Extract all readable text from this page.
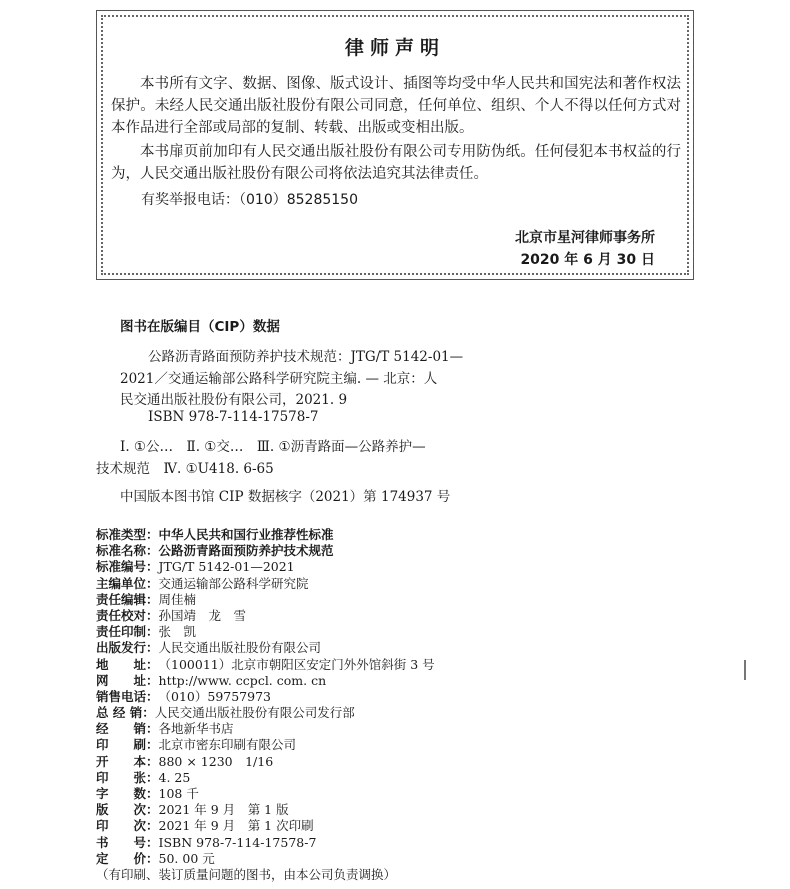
律师声明
本书所有文字、数据、图像、版式设计、插图等均受中华人民共和国宪法和著作权法保护。未经人民交通出版社股份有限公司同意，任何单位、组织、个人不得以任何方式对本作品进行全部或局部的复制、转载、出版或变相出版。
本书扉页前加印有人民交通出版社股份有限公司专用防伪纸。任何侵犯本书权益的行为，人民交通出版社股份有限公司将依法追究其法律责任。
有奖举报电话：（010）85285150
北京市星河律师事务所
2020 年 6 月 30 日
图书在版编目（CIP）数据
公路沥青路面预防养护技术规范：JTG/T 5142-01—
2021／交通运输部公路科学研究院主编. — 北京：人
民交通出版社股份有限公司，2021. 9
ISBN 978-7-114-17578-7
Ⅰ. ①公…　Ⅱ. ①交…　Ⅲ. ①沥青路面—公路养护—
技术规范　Ⅳ. ①U418. 6-65
中国版本图书馆 CIP 数据核字（2021）第 174937 号
标准类型：中华人民共和国行业推荐性标准
标准名称：公路沥青路面预防养护技术规范
标准编号：JTG/T 5142-01—2021
主编单位：交通运输部公路科学研究院
责任编辑：周佳楠
责任校对：孙国靖　龙　雪
责任印制：张　凯
出版发行：人民交通出版社股份有限公司
地　　址：（100011）北京市朝阳区安定门外外馆斜街 3 号
网　　址：http://www. ccpcl. com. cn
销售电话：（010）59757973
总 经 销：人民交通出版社股份有限公司发行部
经　　销：各地新华书店
印　　刷：北京市密东印刷有限公司
开　　本：880 × 1230　1/16
印　　张：4. 25
字　　数：108 千
版　　次：2021 年 9 月　第 1 版
印　　次：2021 年 9 月　第 1 次印刷
书　　号：ISBN 978-7-114-17578-7
定　　价：50. 00 元
（有印刷、装订质量问题的图书，由本公司负责调换）
